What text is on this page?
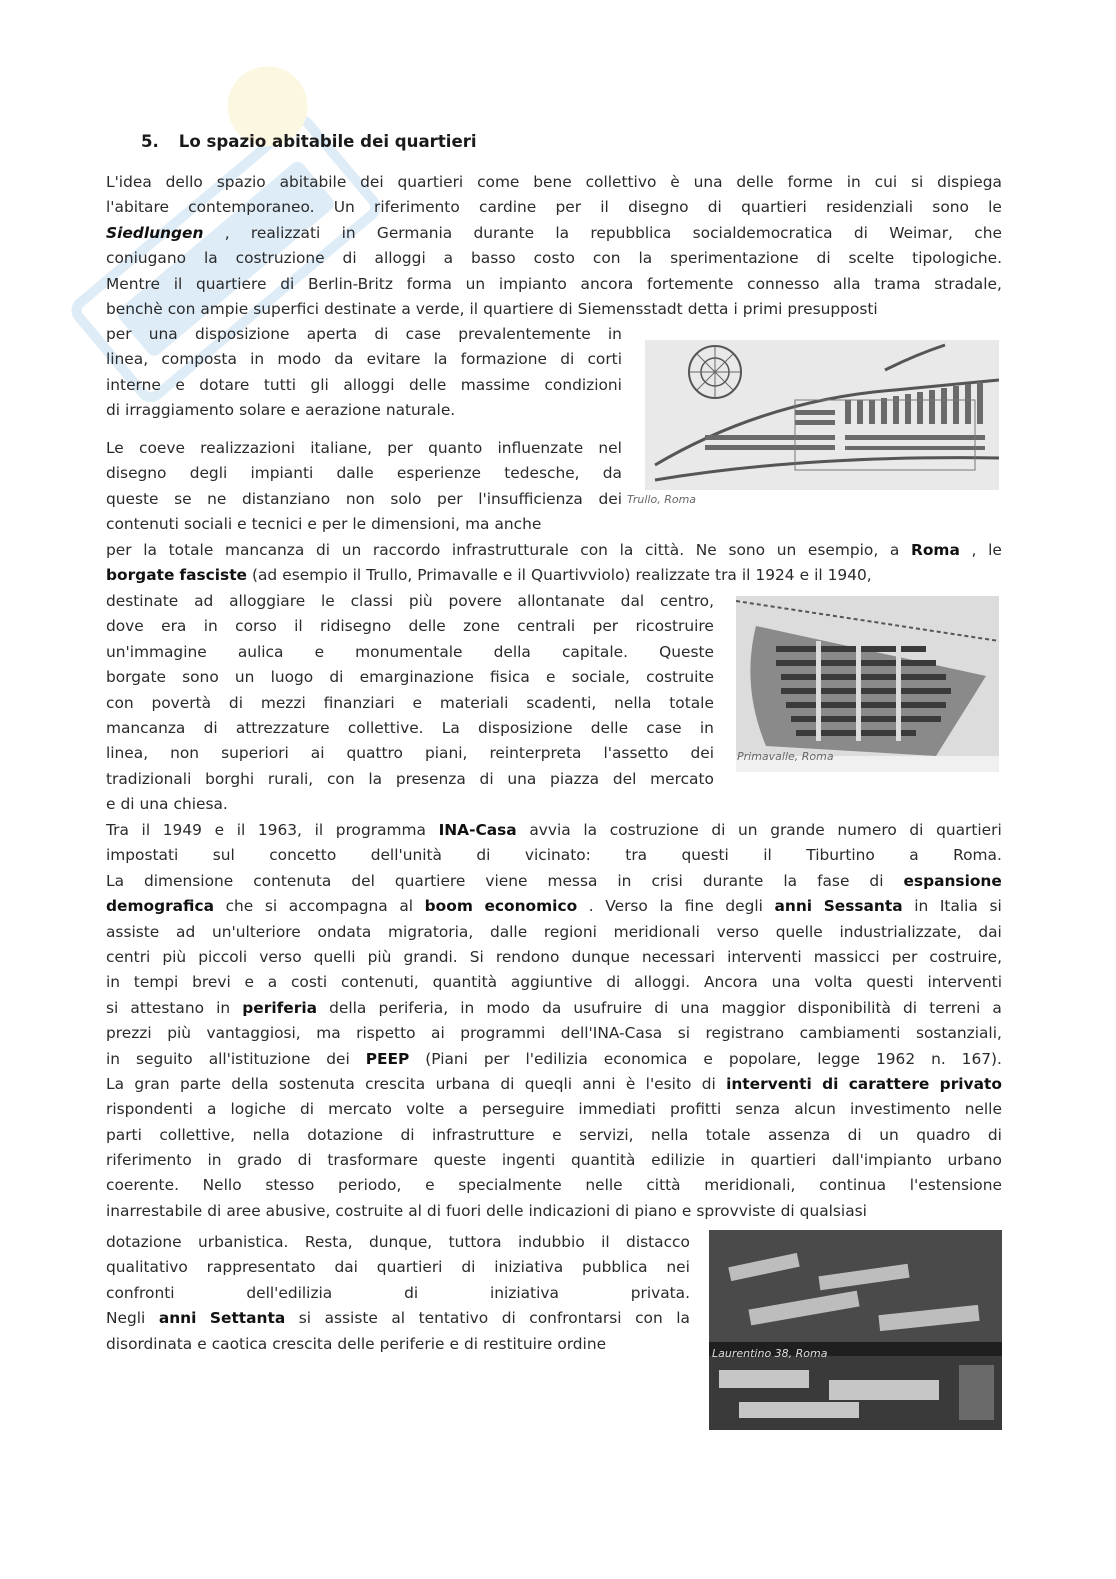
5. Lo spazio abitabile dei quartieri
L'idea dello spazio abitabile dei quartieri come bene collettivo è una delle forme in cui si dispiega
l'abitare contemporaneo. Un riferimento cardine per il disegno di quartieri residenziali sono le
Siedlungen , realizzati in Germania durante la repubblica socialdemocratica di Weimar, che
coniugano la costruzione di alloggi a basso costo con la sperimentazione di scelte tipologiche.
Mentre il quartiere di Berlin-Britz forma un impianto ancora fortemente connesso alla trama stradale,
benchè con ampie superfici destinate a verde, il quartiere di Siemensstadt detta i primi presupposti
per una disposizione aperta di case prevalentemente in
linea, composta in modo da evitare la formazione di corti
interne e dotare tutti gli alloggi delle massime condizioni
di irraggiamento solare e aerazione naturale.
Le coeve realizzazioni italiane, per quanto influenzate nel
disegno degli impianti dalle esperienze tedesche, da
queste se ne distanziano non solo per l'insufficienza dei
contenuti sociali e tecnici e per le dimensioni, ma anche
per la totale mancanza di un raccordo infrastrutturale con la città. Ne sono un esempio, a Roma , le
borgate fasciste (ad esempio il Trullo, Primavalle e il Quartivviolo) realizzate tra il 1924 e il 1940,
destinate ad alloggiare le classi più povere allontanate dal centro,
dove era in corso il ridisegno delle zone centrali per ricostruire
un'immagine aulica e monumentale della capitale. Queste
borgate sono un luogo di emarginazione fisica e sociale, costruite
con povertà di mezzi finanziari e materiali scadenti, nella totale
mancanza di attrezzature collettive. La disposizione delle case in
linea, non superiori ai quattro piani, reinterpreta l'assetto dei
tradizionali borghi rurali, con la presenza di una piazza del mercato
e di una chiesa.
Tra il 1949 e il 1963, il programma INA-Casa avvia la costruzione di un grande numero di quartieri
impostati sul concetto dell'unità di vicinato: tra questi il Tiburtino a Roma.
La dimensione contenuta del quartiere viene messa in crisi durante la fase di espansione
demografica che si accompagna al boom economico . Verso la fine degli anni Sessanta in Italia si
assiste ad un'ulteriore ondata migratoria, dalle regioni meridionali verso quelle industrializzate, dai
centri più piccoli verso quelli più grandi. Si rendono dunque necessari interventi massicci per costruire,
in tempi brevi e a costi contenuti, quantità aggiuntive di alloggi. Ancora una volta questi interventi
si attestano in periferia della periferia, in modo da usufruire di una maggior disponibilità di terreni a
prezzi più vantaggiosi, ma rispetto ai programmi dell'INA-Casa si registrano cambiamenti sostanziali,
in seguito all'istituzione dei PEEP (Piani per l'edilizia economica e popolare, legge 1962 n. 167).
La gran parte della sostenuta crescita urbana di queqli anni è l'esito di interventi di carattere privato
rispondenti a logiche di mercato volte a perseguire immediati profitti senza alcun investimento nelle
parti collettive, nella dotazione di infrastrutture e servizi, nella totale assenza di un quadro di
riferimento in grado di trasformare queste ingenti quantità edilizie in quartieri dall'impianto urbano
coerente. Nello stesso periodo, e specialmente nelle città meridionali, continua l'estensione
inarrestabile di aree abusive, costruite al di fuori delle indicazioni di piano e sprovviste di qualsiasi
dotazione urbanistica. Resta, dunque, tuttora indubbio il distacco
qualitativo rappresentato dai quartieri di iniziativa pubblica nei
confronti	dell'edilizia	di	iniziativa	privata.
Negli anni Settanta si assiste al tentativo di confrontarsi con la
disordinata e caotica crescita delle periferie e di restituire ordine
Trullo, Roma
Primavalle, Roma
Laurentino 38, Roma
